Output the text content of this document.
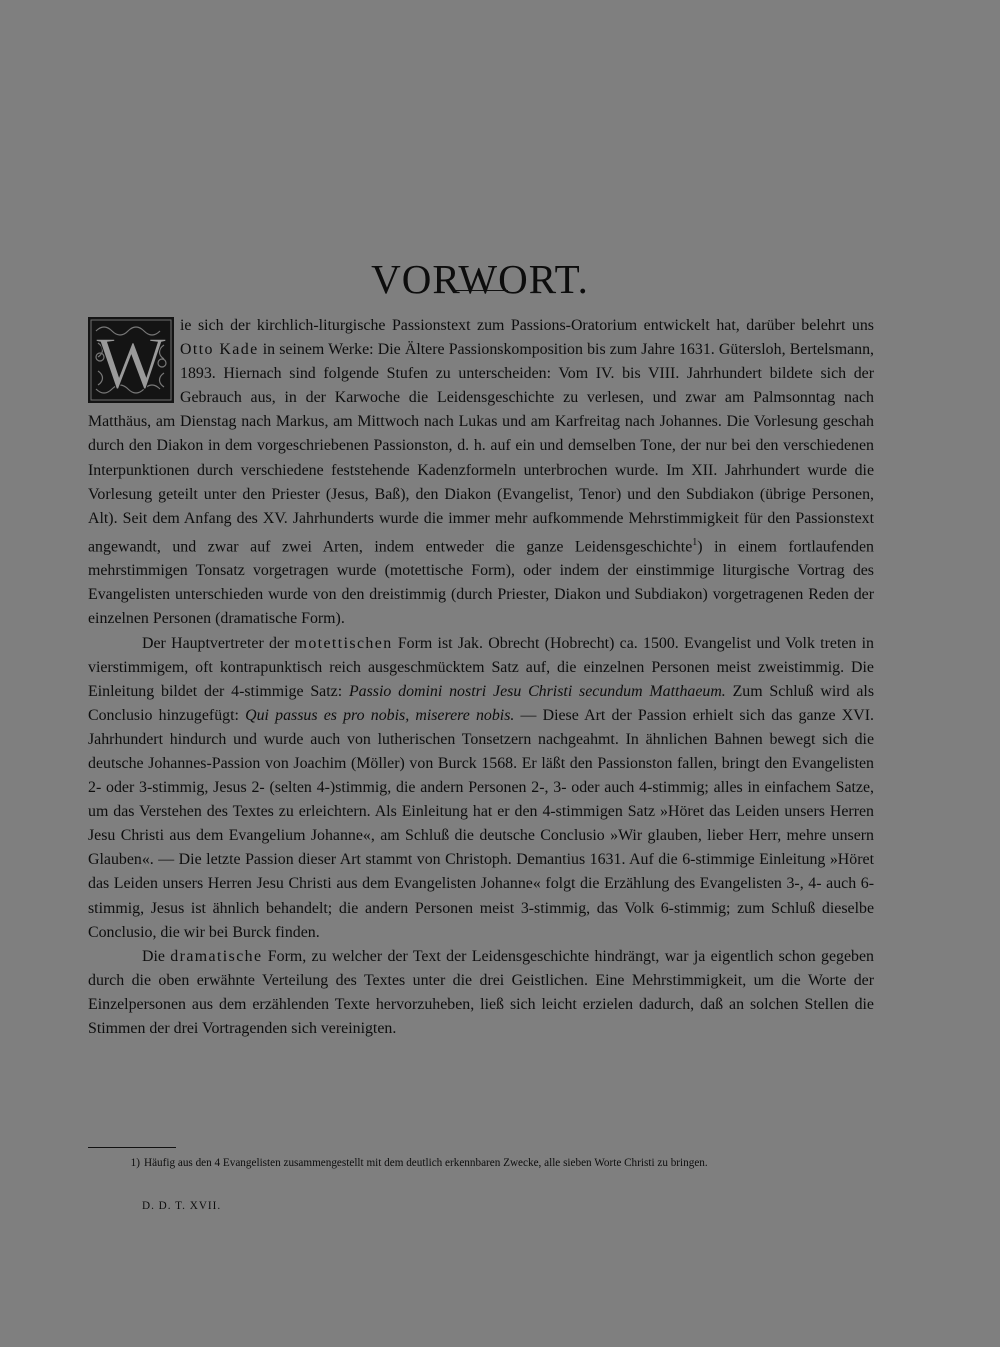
VORWORT.

W ie sich der kirchlich-liturgische Passionstext zum Passions-Oratorium entwickelt hat, darüber belehrt uns Otto Kade in seinem Werke: Die Ältere Passionskomposition bis zum Jahre 1631. Gütersloh, Bertelsmann, 1893. Hiernach sind folgende Stufen zu unterscheiden: Vom IV. bis VIII. Jahrhundert bildete sich der Gebrauch aus, in der Karwoche die Leidensgeschichte zu verlesen, und zwar am Palmsonntag nach Matthäus, am Dienstag nach Markus, am Mittwoch nach Lukas und am Karfreitag nach Johannes. Die Vorlesung geschah durch den Diakon in dem vorgeschriebenen Passionston, d. h. auf ein und demselben Tone, der nur bei den verschiedenen Interpunktionen durch verschiedene feststehende Kadenzformeln unterbrochen wurde. Im XII. Jahrhundert wurde die Vorlesung geteilt unter den Priester (Jesus, Baß), den Diakon (Evangelist, Tenor) und den Subdiakon (übrige Personen, Alt). Seit dem Anfang des XV. Jahrhunderts wurde die immer mehr aufkommende Mehrstimmigkeit für den Passionstext angewandt, und zwar auf zwei Arten, indem entweder die ganze Leidensgeschichte$^1$) in einem fortlaufenden mehrstimmigen Tonsatz vorgetragen wurde (motettische Form), oder indem der einstimmige liturgische Vortrag des Evangelisten unterschieden wurde von den dreistimmig (durch Priester, Diakon und Subdiakon) vorgetragenen Reden der einzelnen Personen (dramatische Form).

Der Hauptvertreter der motettischen Form ist Jak. Obrecht (Hobrecht) ca. 1500. Evangelist und Volk treten in vierstimmigem, oft kontrapunktisch reich ausgeschmücktem Satz auf, die einzelnen Personen meist zweistimmig. Die Einleitung bildet der 4-stimmige Satz: Passio domini nostri Jesu Christi secundum Matthaeum. Zum Schluß wird als Conclusio hinzugefügt: Qui passus es pro nobis, miserere nobis. — Diese Art der Passion erhielt sich das ganze XVI. Jahrhundert hindurch und wurde auch von lutherischen Tonsetzern nachgeahmt. In ähnlichen Bahnen bewegt sich die deutsche Johannes-Passion von Joachim (Möller) von Burck 1568. Er läßt den Passionston fallen, bringt den Evangelisten 2- oder 3-stimmig, Jesus 2- (selten 4-)stimmig, die andern Personen 2-, 3- oder auch 4-stimmig; alles in einfachem Satze, um das Verstehen des Textes zu erleichtern. Als Einleitung hat er den 4-stimmigen Satz »Höret das Leiden unsers Herren Jesu Christi aus dem Evangelium Johanne«, am Schluß die deutsche Conclusio »Wir glauben, lieber Herr, mehre unsern Glauben«. — Die letzte Passion dieser Art stammt von Christoph. Demantius 1631. Auf die 6-stimmige Einleitung »Höret das Leiden unsers Herren Jesu Christi aus dem Evangelisten Johanne« folgt die Erzählung des Evangelisten 3-, 4- auch 6-stimmig, Jesus ist ähnlich behandelt; die andern Personen meist 3-stimmig, das Volk 6-stimmig; zum Schluß dieselbe Conclusio, die wir bei Burck finden.

Die dramatische Form, zu welcher der Text der Leidensgeschichte hindrängt, war ja eigentlich schon gegeben durch die oben erwähnte Verteilung des Textes unter die drei Geistlichen. Eine Mehrstimmigkeit, um die Worte der Einzelpersonen aus dem erzählenden Texte hervorzuheben, ließ sich leicht erzielen dadurch, daß an solchen Stellen die Stimmen der drei Vortragenden sich vereinigten.

1) Häufig aus den 4 Evangelisten zusammengestellt mit dem deutlich erkennbaren Zwecke, alle sieben Worte Christi zu bringen.
D. D. T. XVII.
